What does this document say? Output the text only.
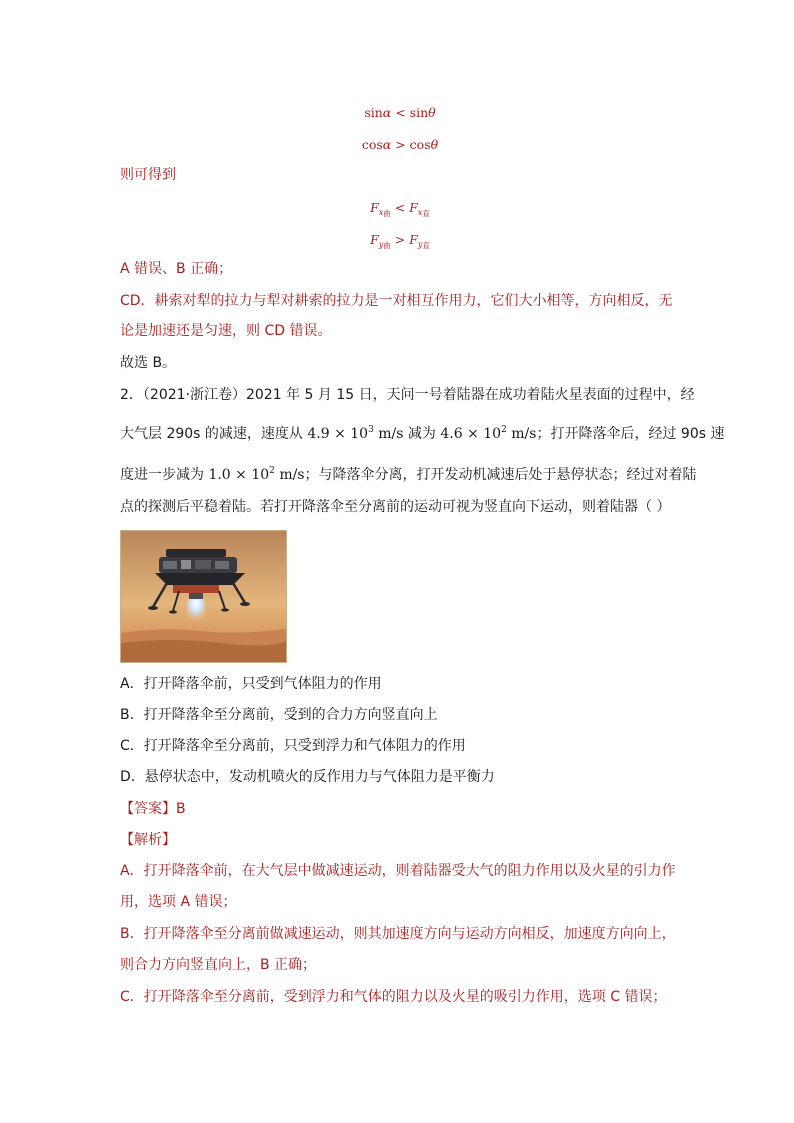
sinα < sinθ
cosα > cosθ
则可得到
$F_{x曲} < F_{x直}$
$F_{y曲} > F_{y直}$
A 错误、B 正确；
CD．耕索对犁的拉力与犁对耕索的拉力是一对相互作用力，它们大小相等，方向相反，无
论是加速还是匀速，则 CD 错误。
故选 B。
2．（2021·浙江卷）2021 年 5 月 15 日，天问一号着陆器在成功着陆火星表面的过程中，经
大气层 290s 的减速，速度从 $4.9 \times 10^3$ m/s 减为 $4.6 \times 10^2$ m/s；打开降落伞后，经过 90s 速
度进一步减为 $1.0 \times 10^2$ m/s；与降落伞分离，打开发动机减速后处于悬停状态；经过对着陆
点的探测后平稳着陆。若打开降落伞至分离前的运动可视为竖直向下运动，则着陆器（ ）
A．打开降落伞前，只受到气体阻力的作用
B．打开降落伞至分离前，受到的合力方向竖直向上
C．打开降落伞至分离前，只受到浮力和气体阻力的作用
D．悬停状态中，发动机喷火的反作用力与气体阻力是平衡力
【答案】B
【解析】
A．打开降落伞前，在大气层中做减速运动，则着陆器受大气的阻力作用以及火星的引力作
用，选项 A 错误；
B．打开降落伞至分离前做减速运动，则其加速度方向与运动方向相反，加速度方向向上，
则合力方向竖直向上，B 正确；
C．打开降落伞至分离前，受到浮力和气体的阻力以及火星的吸引力作用，选项 C 错误；
